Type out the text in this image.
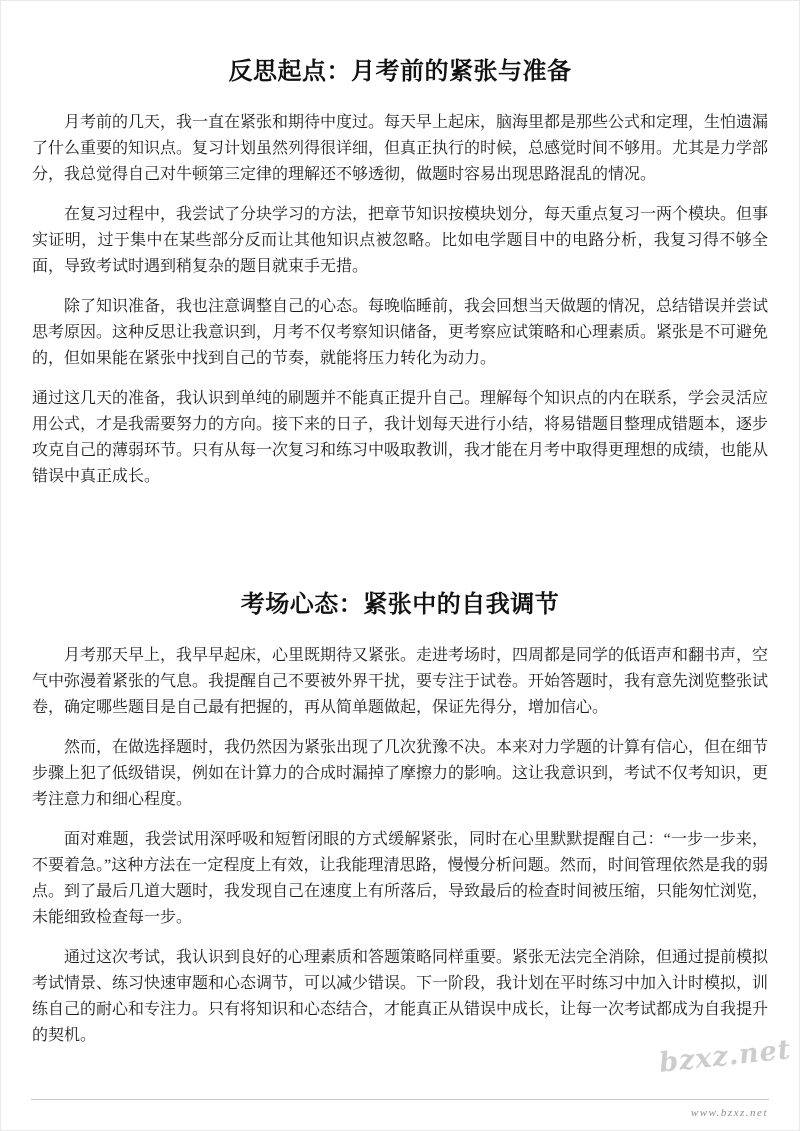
反思起点：月考前的紧张与准备

月考前的几天，我一直在紧张和期待中度过。每天早上起床，脑海里都是那些公式和定理，生怕遗漏了什么重要的知识点。复习计划虽然列得很详细，但真正执行的时候，总感觉时间不够用。尤其是力学部分，我总觉得自己对牛顿第三定律的理解还不够透彻，做题时容易出现思路混乱的情况。

在复习过程中，我尝试了分块学习的方法，把章节知识按模块划分，每天重点复习一两个模块。但事实证明，过于集中在某些部分反而让其他知识点被忽略。比如电学题目中的电路分析，我复习得不够全面，导致考试时遇到稍复杂的题目就束手无措。

除了知识准备，我也注意调整自己的心态。每晚临睡前，我会回想当天做题的情况，总结错误并尝试思考原因。这种反思让我意识到，月考不仅考察知识储备，更考察应试策略和心理素质。紧张是不可避免的，但如果能在紧张中找到自己的节奏，就能将压力转化为动力。

通过这几天的准备，我认识到单纯的刷题并不能真正提升自己。理解每个知识点的内在联系，学会灵活应用公式，才是我需要努力的方向。接下来的日子，我计划每天进行小结，将易错题目整理成错题本，逐步攻克自己的薄弱环节。只有从每一次复习和练习中吸取教训，我才能在月考中取得更理想的成绩，也能从错误中真正成长。

考场心态：紧张中的自我调节

月考那天早上，我早早起床，心里既期待又紧张。走进考场时，四周都是同学的低语声和翻书声，空气中弥漫着紧张的气息。我提醒自己不要被外界干扰，要专注于试卷。开始答题时，我有意先浏览整张试卷，确定哪些题目是自己最有把握的，再从简单题做起，保证先得分，增加信心。

然而，在做选择题时，我仍然因为紧张出现了几次犹豫不决。本来对力学题的计算有信心，但在细节步骤上犯了低级错误，例如在计算力的合成时漏掉了摩擦力的影响。这让我意识到，考试不仅考知识，更考注意力和细心程度。

面对难题，我尝试用深呼吸和短暂闭眼的方式缓解紧张，同时在心里默默提醒自己：“一步一步来，不要着急。”这种方法在一定程度上有效，让我能理清思路，慢慢分析问题。然而，时间管理依然是我的弱点。到了最后几道大题时，我发现自己在速度上有所落后，导致最后的检查时间被压缩，只能匆忙浏览，未能细致检查每一步。

通过这次考试，我认识到良好的心理素质和答题策略同样重要。紧张无法完全消除，但通过提前模拟考试情景、练习快速审题和心态调节，可以减少错误。下一阶段，我计划在平时练习中加入计时模拟，训练自己的耐心和专注力。只有将知识和心态结合，才能真正从错误中成长，让每一次考试都成为自我提升的契机。	bzxz.net
www.bzxz.net
